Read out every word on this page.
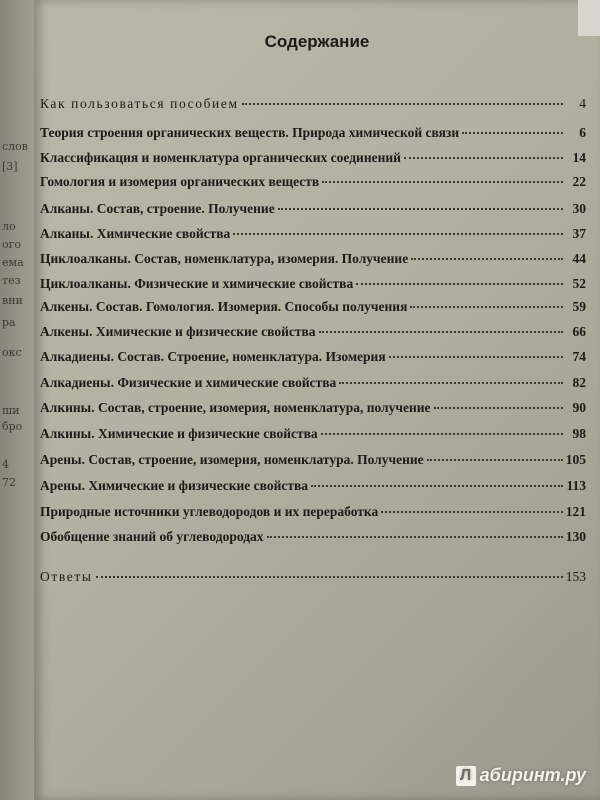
слов
[3]
ло
ого
ема
тез
вни
ра
окс
ши
бро
4
72
Содержание
Как пользоваться пособием	4
Теория строения органических веществ. Природа химической связи	6
Классификация и номенклатура органических соединений	14
Гомология и изомерия органических веществ	22
Алканы. Состав, строение. Получение	30
Алканы. Химические свойства	37
Циклоалканы. Состав, номенклатура, изомерия. Получение	44
Циклоалканы. Физические и химические свойства	52
Алкены. Состав. Гомология. Изомерия. Способы получения	59
Алкены. Химические и физические свойства	66
Алкадиены. Состав. Строение, номенклатура. Изомерия	74
Алкадиены. Физические и химические свойства	82
Алкины. Состав, строение, изомерия, номенклатура, получение	90
Алкины. Химические и физические свойства	98
Арены. Состав, строение, изомерия, номенклатура. Получение	105
Арены. Химические и физические свойства	113
Природные источники углеводородов и их переработка	121
Обобщение знаний об углеводородах	130
Ответы	153
Л абиринт.ру
